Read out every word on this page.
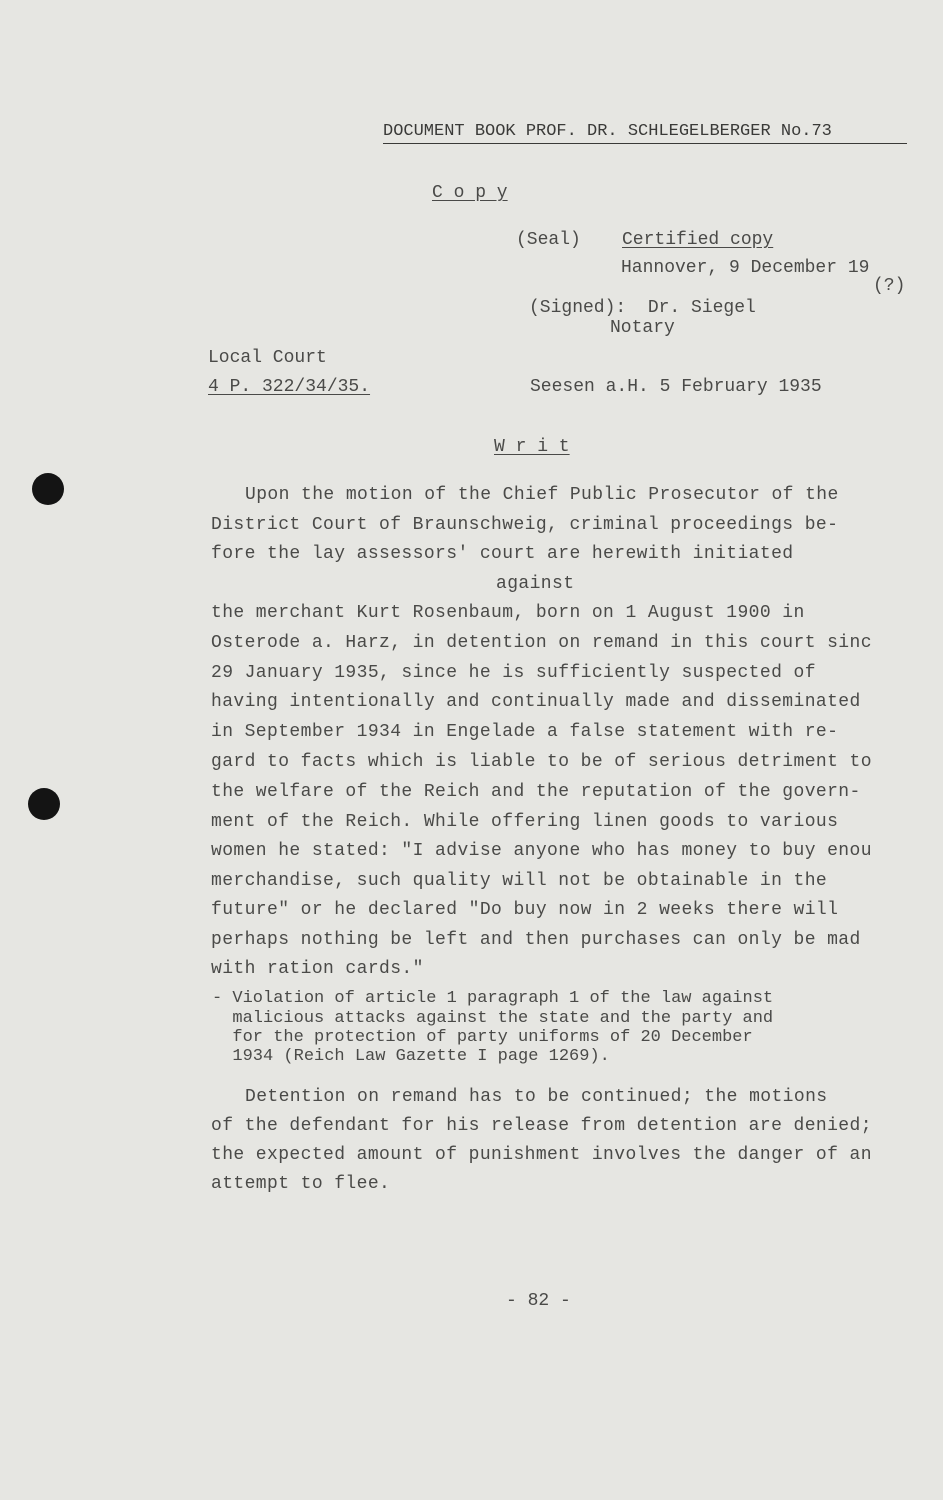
DOCUMENT BOOK PROF. DR. SCHLEGELBERGER No.73
C o p y
(Seal) Certified copy
Hannover, 9 December 19
(?)
(Signed):  Dr. Siegel
Notary
Local Court
4 P. 322/34/35.	Seesen a.H. 5 February 1935
W r i t
Upon the motion of the Chief Public Prosecutor of the
District Court of Braunschweig, criminal proceedings be-
fore the lay assessors' court are herewith initiated
against
the merchant Kurt Rosenbaum, born on 1 August 1900 in
Osterode a. Harz, in detention on remand in this court sinc
29 January 1935, since he is sufficiently suspected of
having intentionally and continually made and disseminated
in September 1934 in Engelade a false statement with re-
gard to facts which is liable to be of serious detriment to
the welfare of the Reich and the reputation of the govern-
ment of the Reich. While offering linen goods to various
women he stated: "I advise anyone who has money to buy enou
merchandise, such quality will not be obtainable in the
future" or he declared "Do buy now in 2 weeks there will
perhaps nothing be left and then purchases can only be mad
with ration cards."
- Violation of article 1 paragraph 1 of the law against
malicious attacks against the state and the party and
for the protection of party uniforms of 20 December
1934 (Reich Law Gazette I page 1269).
Detention on remand has to be continued; the motions
of the defendant for his release from detention are denied;
the expected amount of punishment involves the danger of an
attempt to flee.
- 82 -
